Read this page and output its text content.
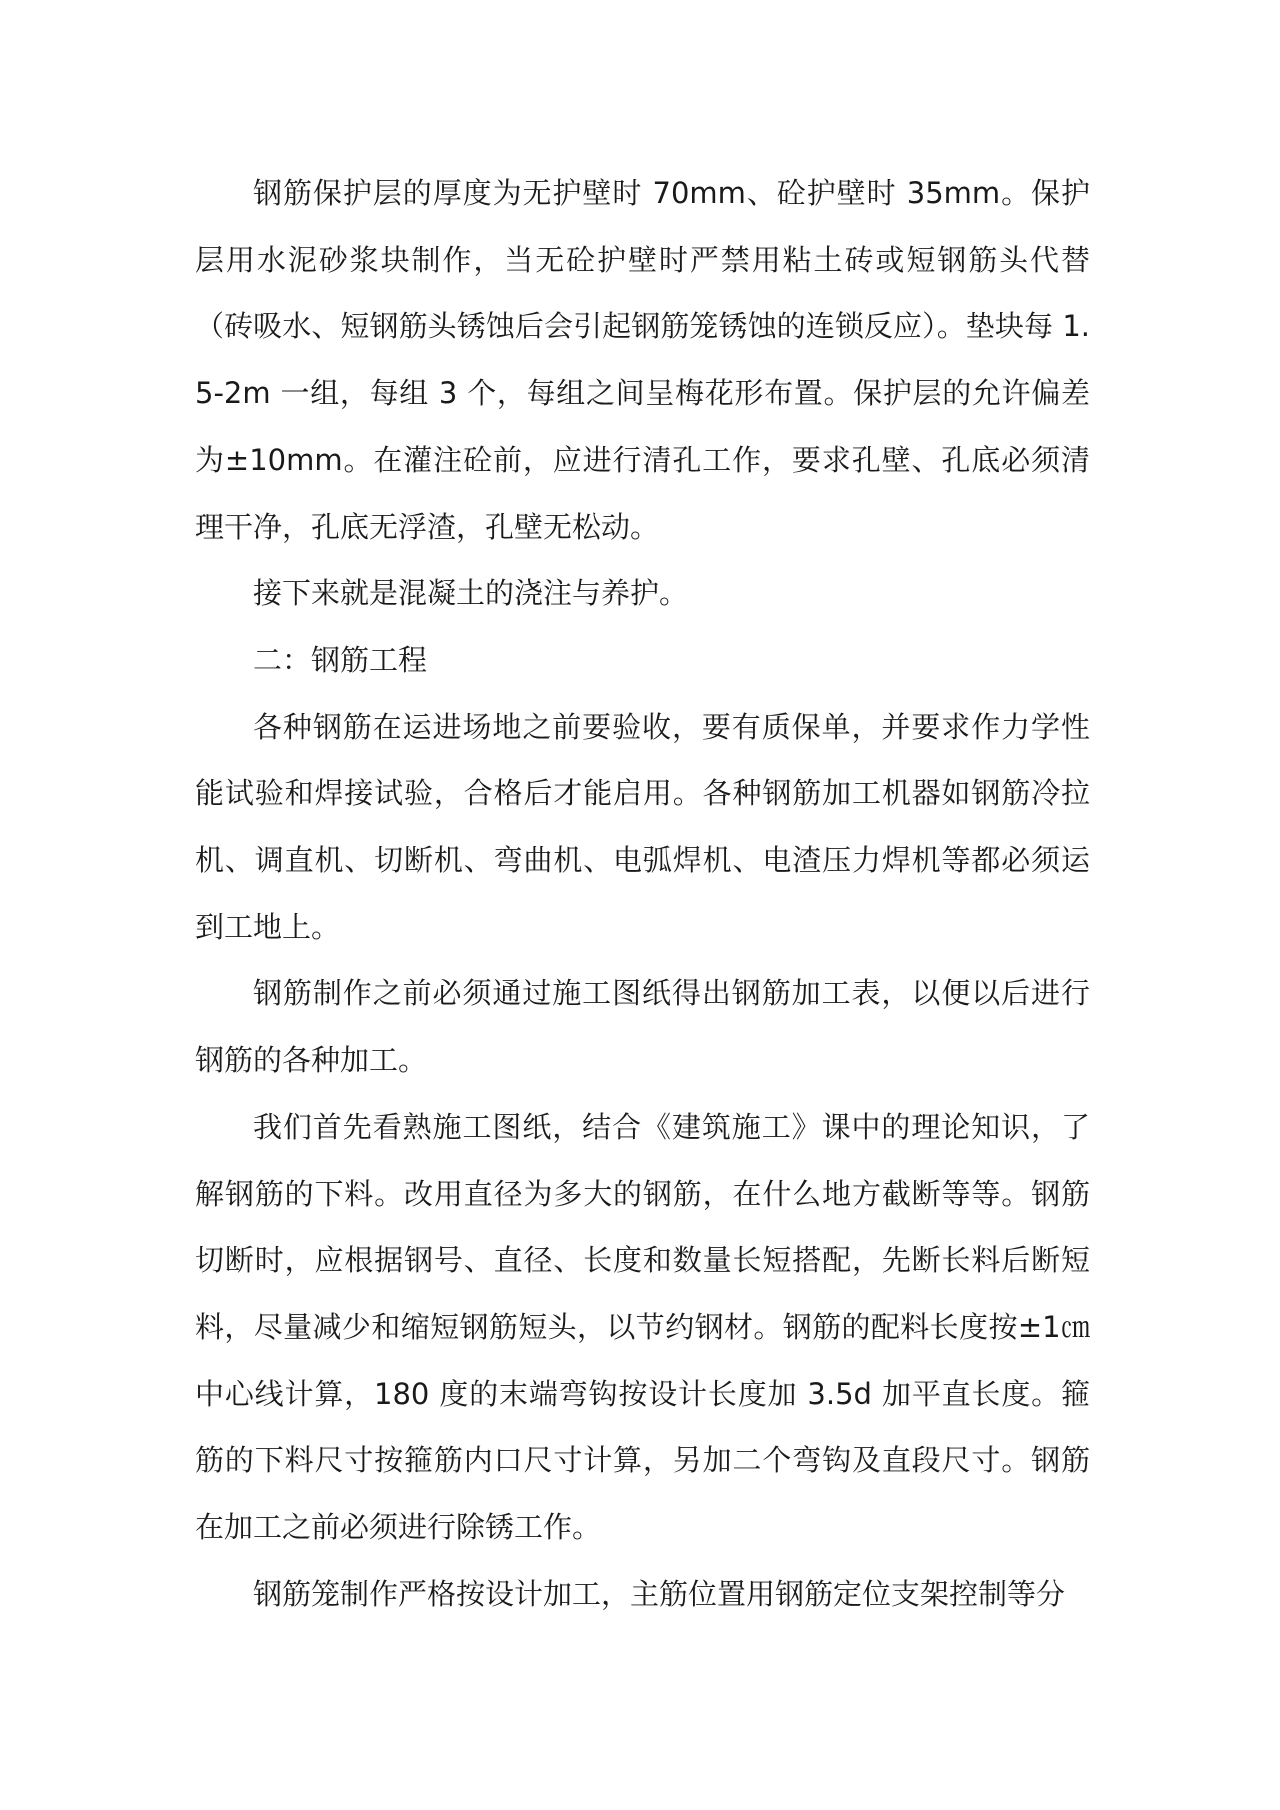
钢筋保护层的厚度为无护壁时 70mm、砼护壁时 35mm。保护层用水泥砂浆块制作，当无砼护壁时严禁用粘土砖或短钢筋头代替（砖吸水、短钢筋头锈蚀后会引起钢筋笼锈蚀的连锁反应）。垫块每 1.5-2m 一组，每组 3 个，每组之间呈梅花形布置。保护层的允许偏差为±10mm。在灌注砼前，应进行清孔工作，要求孔壁、孔底必须清理干净，孔底无浮渣，孔壁无松动。

接下来就是混凝土的浇注与养护。

二：钢筋工程

各种钢筋在运进场地之前要验收，要有质保单，并要求作力学性能试验和焊接试验，合格后才能启用。各种钢筋加工机器如钢筋冷拉机、调直机、切断机、弯曲机、电弧焊机、电渣压力焊机等都必须运到工地上。

钢筋制作之前必须通过施工图纸得出钢筋加工表，以便以后进行钢筋的各种加工。

我们首先看熟施工图纸，结合《建筑施工》课中的理论知识，了解钢筋的下料。改用直径为多大的钢筋，在什么地方截断等等。钢筋切断时，应根据钢号、直径、长度和数量长短搭配，先断长料后断短料，尽量减少和缩短钢筋短头，以节约钢材。钢筋的配料长度按±1㎝中心线计算，180 度的末端弯钩按设计长度加 3.5d 加平直长度。箍筋的下料尺寸按箍筋内口尺寸计算，另加二个弯钩及直段尺寸。钢筋在加工之前必须进行除锈工作。

钢筋笼制作严格按设计加工，主筋位置用钢筋定位支架控制等分
